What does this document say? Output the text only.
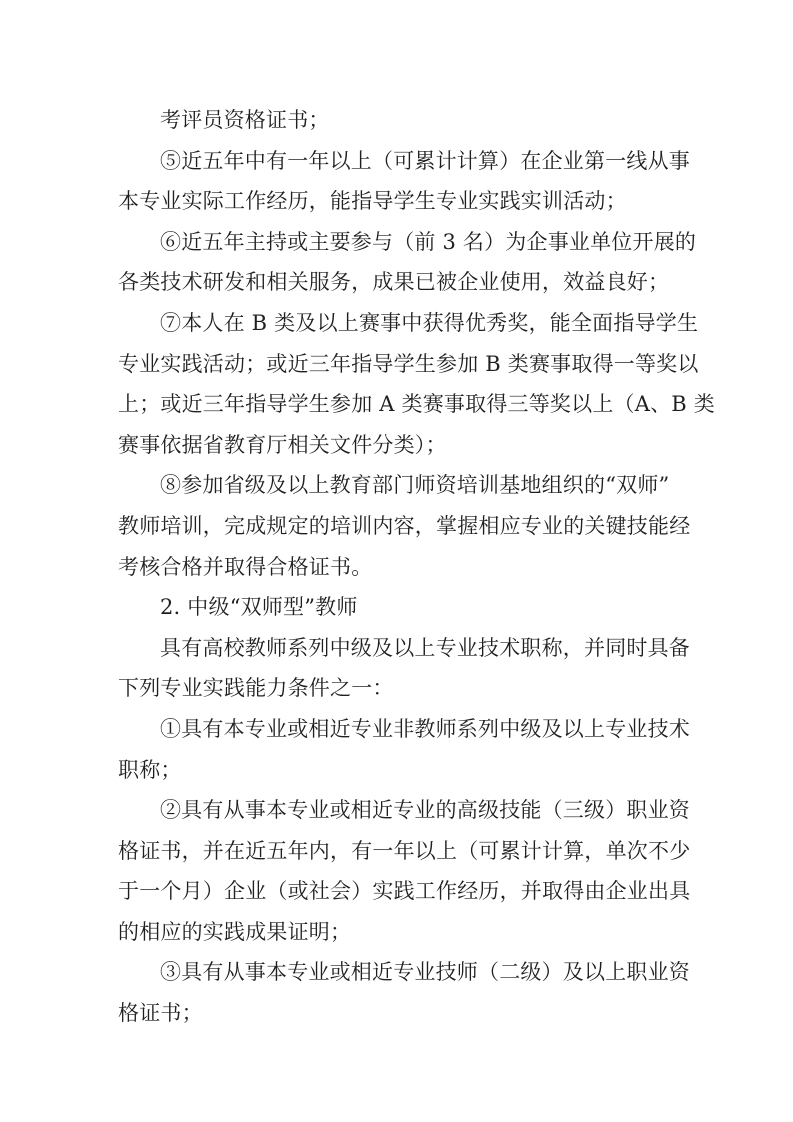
考评员资格证书；
⑤近五年中有一年以上（可累计计算）在企业第一线从事
本专业实际工作经历，能指导学生专业实践实训活动；
⑥近五年主持或主要参与（前 3 名）为企事业单位开展的
各类技术研发和相关服务，成果已被企业使用，效益良好；
⑦本人在 B 类及以上赛事中获得优秀奖，能全面指导学生
专业实践活动；或近三年指导学生参加 B 类赛事取得一等奖以
上；或近三年指导学生参加 A 类赛事取得三等奖以上（A、B 类
赛事依据省教育厅相关文件分类）；
⑧参加省级及以上教育部门师资培训基地组织的“双师”
教师培训，完成规定的培训内容，掌握相应专业的关键技能经
考核合格并取得合格证书。
2. 中级“双师型”教师
具有高校教师系列中级及以上专业技术职称，并同时具备
下列专业实践能力条件之一：
①具有本专业或相近专业非教师系列中级及以上专业技术
职称；
②具有从事本专业或相近专业的高级技能（三级）职业资
格证书，并在近五年内，有一年以上（可累计计算，单次不少
于一个月）企业（或社会）实践工作经历，并取得由企业出具
的相应的实践成果证明；
③具有从事本专业或相近专业技师（二级）及以上职业资
格证书；
